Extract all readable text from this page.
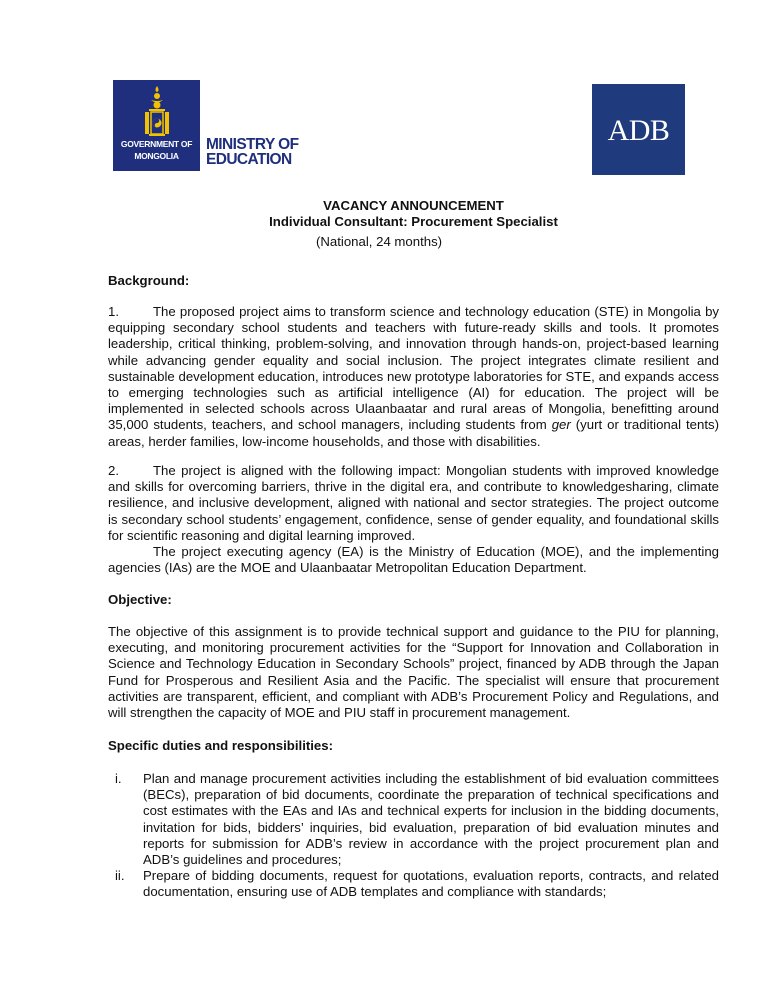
GOVERNMENT OF
MONGOLIA
MINISTRY OF
EDUCATION
ADB
VACANCY ANNOUNCEMENT
Individual Consultant: Procurement Specialist
(National, 24 months)
Background:

1.	The proposed project aims to transform science and technology education (STE) in Mongolia by equipping secondary school students and teachers with future-ready skills and tools. It promotes leadership, critical thinking, problem-solving, and innovation through hands-on, project-based learning while advancing gender equality and social inclusion. The project integrates climate resilient and sustainable development education, introduces new prototype laboratories for STE, and expands access to emerging technologies such as artificial intelligence (AI) for education. The project will be implemented in selected schools across Ulaanbaatar and rural areas of Mongolia, benefitting around 35,000 students, teachers, and school managers, including students from ger (yurt or traditional tents) areas, herder families, low-income households, and those with disabilities.

2.	The project is aligned with the following impact: Mongolian students with improved knowledge and skills for overcoming barriers, thrive in the digital era, and contribute to knowledgesharing, climate resilience, and inclusive development, aligned with national and sector strategies. The project outcome is secondary school students’ engagement, confidence, sense of gender equality, and foundational skills for scientific reasoning and digital learning improved.

The project executing agency (EA) is the Ministry of Education (MOE), and the implementing agencies (IAs) are the MOE and Ulaanbaatar Metropolitan Education Department.

Objective:

The objective of this assignment is to provide technical support and guidance to the PIU for planning, executing, and monitoring procurement activities for the “Support for Innovation and Collaboration in Science and Technology Education in Secondary Schools” project, financed by ADB through the Japan Fund for Prosperous and Resilient Asia and the Pacific. The specialist will ensure that procurement activities are transparent, efficient, and compliant with ADB’s Procurement Policy and Regulations, and will strengthen the capacity of MOE and PIU staff in procurement management.

Specific duties and responsibilities:
i. Plan and manage procurement activities including the establishment of bid evaluation committees (BECs), preparation of bid documents, coordinate the preparation of technical specifications and cost estimates with the EAs and IAs and technical experts for inclusion in the bidding documents, invitation for bids, bidders’ inquiries, bid evaluation, preparation of bid evaluation minutes and reports for submission for ADB’s review in accordance with the project procurement plan and ADB’s guidelines and procedures;
ii. Prepare of bidding documents, request for quotations, evaluation reports, contracts, and related documentation, ensuring use of ADB templates and compliance with standards;
